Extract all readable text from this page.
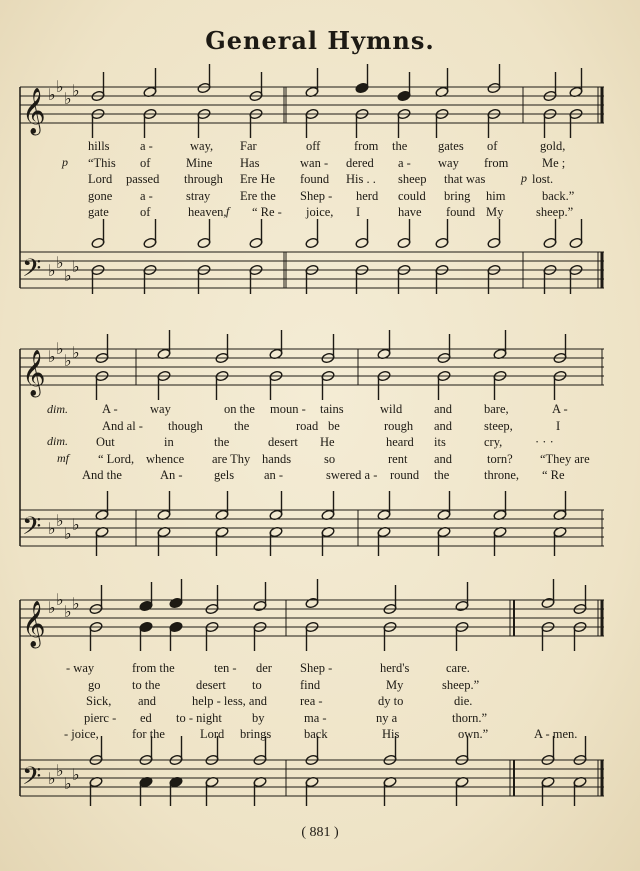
General Hymns.
𝄞
𝄢
𝄞
𝄢
𝄞
𝄢
♭ ♭
♭ ♭
♭ ♭
♭ ♭
♭ ♭
♭ ♭
♭ ♭
♭ ♭
♭ ♭
♭ ♭
♭ ♭
♭ ♭
p
f
p
dim.
dim.
mf
hills a -	way, Far	off	from the gates of	gold,
“This of	Mine Has	wan - dered a - way from	Me ;
Lord passed through Ere He found His . . sheep that was	lost.
gone a -	stray Ere the Shep - herd could bring him	back.”
gate of	heaven, “ Re - joice, I	have found My	sheep.”
A -	way	on the moun - tains	wild	and	bare,	A -
And al - though	the	road be	rough and	steep,	I
Out	in	the	desert He	heard its	cry,	· · ·
“ Lord, whence are Thy hands	so	rent and	torn? “They are
And the	An -	gels an -	swered a - round the	throne, “ Re
- way	from the	ten - der Shep -	herd's	care.
go	to the	desert to	find	My	sheep.”
Sick, and	help - less, and	rea -	dy to	die.
pierc - ed to - night by	ma -	ny a	thorn.”
- joice,	for the	Lord brings	back	His	own.”	A - men.
( 881 )
